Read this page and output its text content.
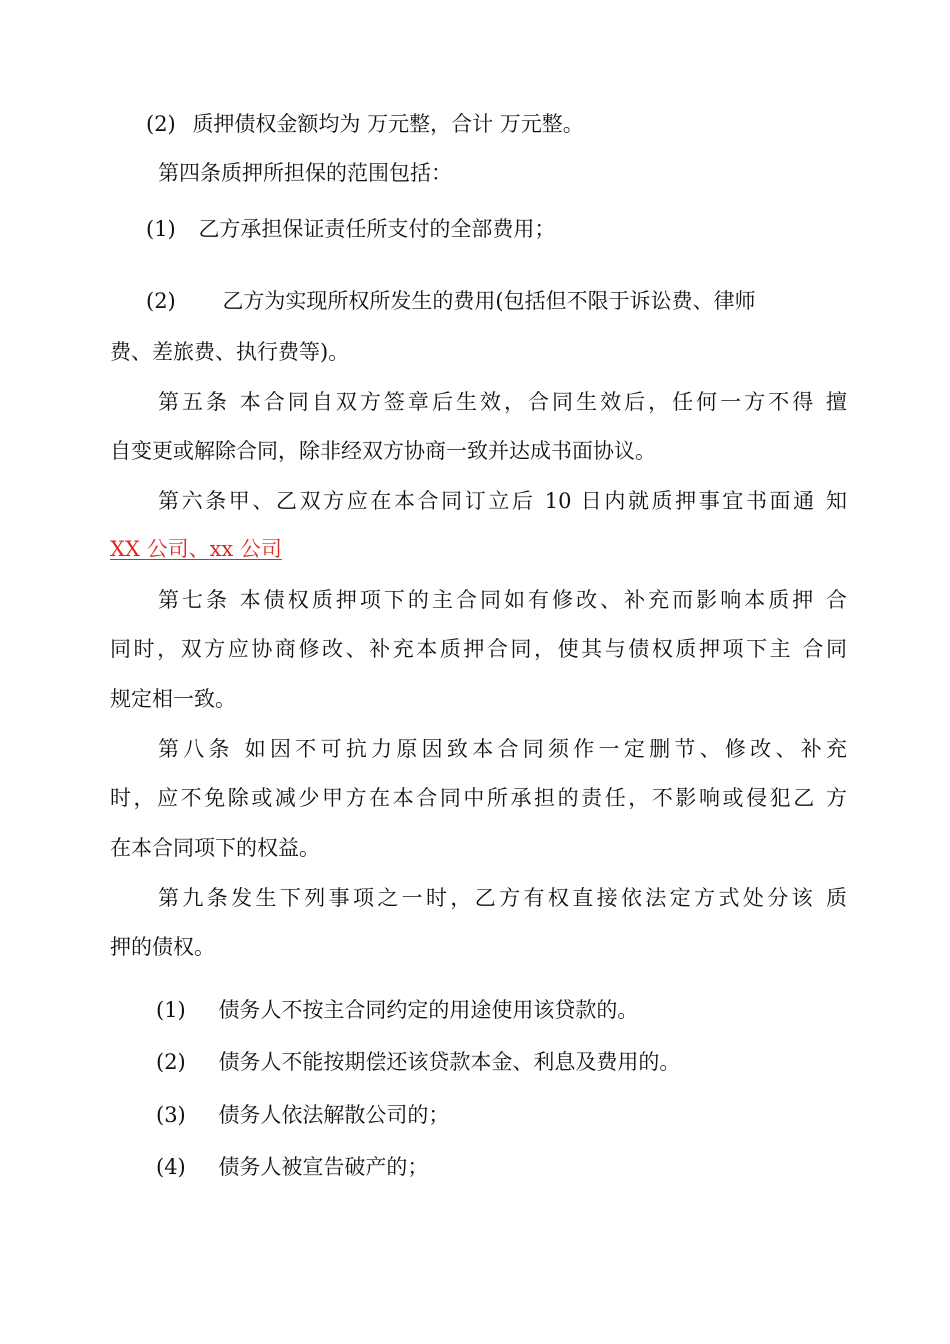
(2) 质押债权金额均为 万元整，合计 万元整。
第四条质押所担保的范围包括：
(1) 乙方承担保证责任所支付的全部费用；
(2) 乙方为实现所权所发生的费用(包括但不限于诉讼费、律师
费、差旅费、执行费等)。
第五条 本合同自双方签章后生效，合同生效后，任何一方不得 擅
自变更或解除合同，除非经双方协商一致并达成书面协议。
第六条甲、乙双方应在本合同订立后 10 日内就质押事宜书面通 知
XX 公司、xx 公司
第七条 本债权质押项下的主合同如有修改、补充而影响本质押 合
同时，双方应协商修改、补充本质押合同，使其与债权质押项下主 合同
规定相一致。
第八条 如因不可抗力原因致本合同须作一定删节、修改、补充
时，应不免除或减少甲方在本合同中所承担的责任，不影响或侵犯乙 方
在本合同项下的权益。
第九条发生下列事项之一时，乙方有权直接依法定方式处分该 质
押的债权。
(1) 债务人不按主合同约定的用途使用该贷款的。
(2) 债务人不能按期偿还该贷款本金、利息及费用的。
(3) 债务人依法解散公司的；
(4) 债务人被宣告破产的；
